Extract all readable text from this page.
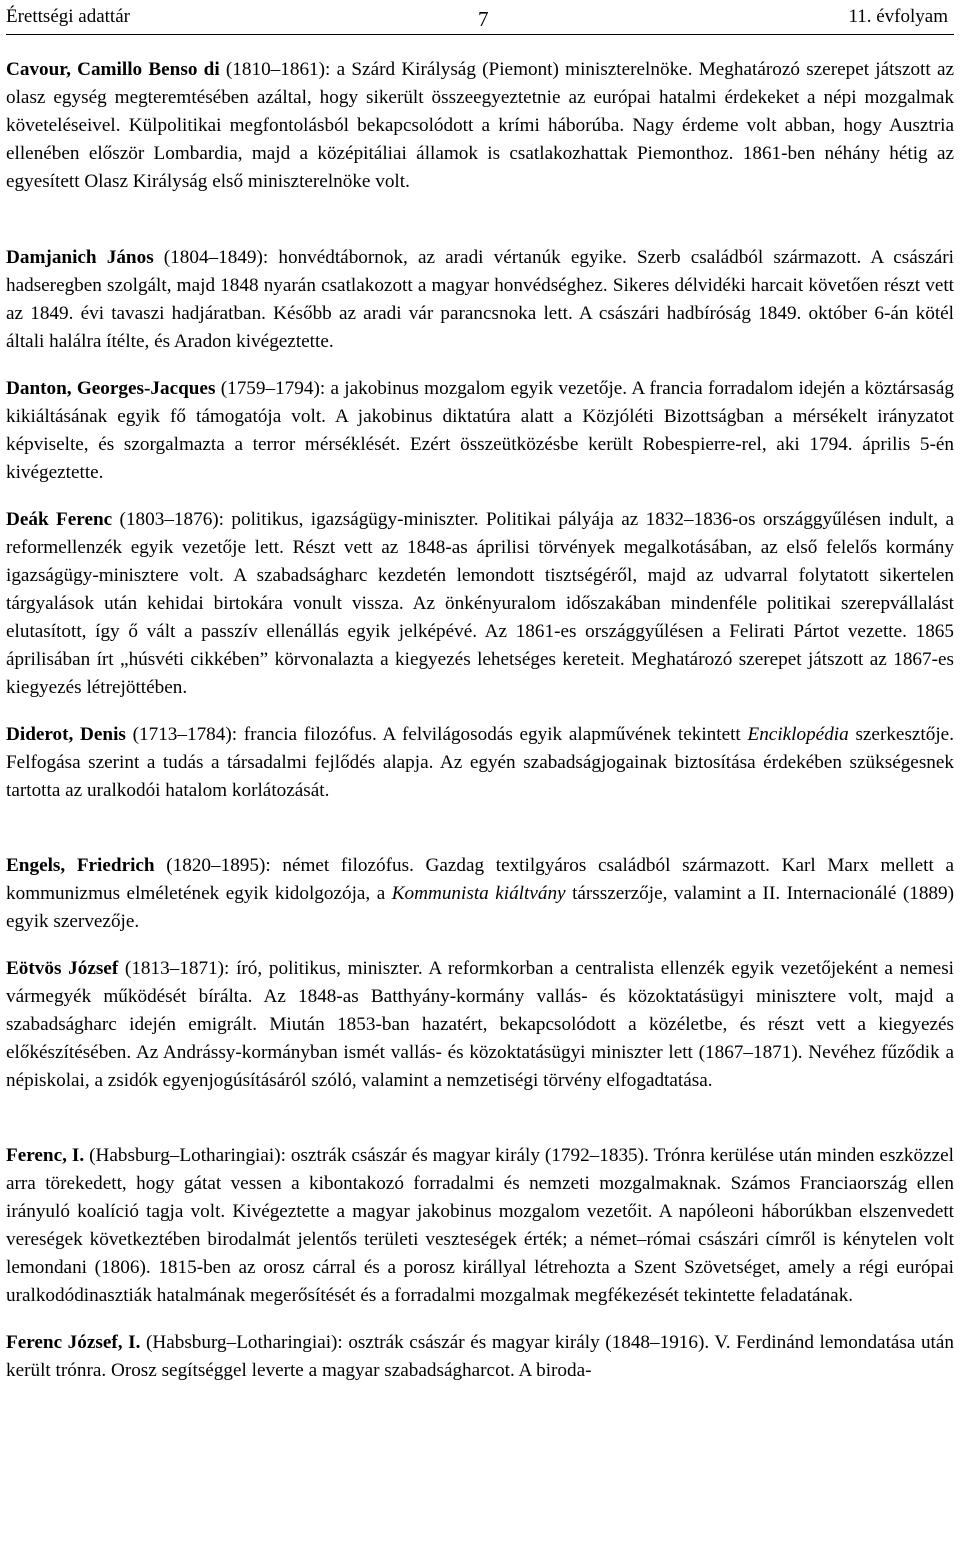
Érettségi adattár	7	11. évfolyam

Cavour, Camillo Benso di (1810–1861): a Szárd Királyság (Piemont) miniszterelnöke. Meghatározó szerepet játszott az olasz egység megteremtésében azáltal, hogy sikerült összeegyeztetnie az európai hatalmi érdekeket a népi mozgalmak követeléseivel. Külpolitikai megfontolásból bekapcsolódott a krími háborúba. Nagy érdeme volt abban, hogy Ausztria ellenében először Lombardia, majd a középitáliai államok is csatlakozhattak Piemonthoz. 1861-ben néhány hétig az egyesített Olasz Királyság első miniszterelnöke volt.

Damjanich János (1804–1849): honvédtábornok, az aradi vértanúk egyike. Szerb családból származott. A császári hadseregben szolgált, majd 1848 nyarán csatlakozott a magyar honvédséghez. Sikeres délvidéki harcait követően részt vett az 1849. évi tavaszi hadjáratban. Később az aradi vár parancsnoka lett. A császári hadbíróság 1849. október 6-án kötél általi halálra ítélte, és Aradon kivégeztette.

Danton, Georges-Jacques (1759–1794): a jakobinus mozgalom egyik vezetője. A francia forradalom idején a köztársaság kikiáltásának egyik fő támogatója volt. A jakobinus diktatúra alatt a Közjóléti Bizottságban a mérsékelt irányzatot képviselte, és szorgalmazta a terror mérséklését. Ezért összeütközésbe került Robespierre-rel, aki 1794. április 5-én kivégeztette.

Deák Ferenc (1803–1876): politikus, igazságügy-miniszter. Politikai pályája az 1832–1836-os országgyűlésen indult, a reformellenzék egyik vezetője lett. Részt vett az 1848-as áprilisi törvények megalkotásában, az első felelős kormány igazságügy-minisztere volt. A szabadságharc kezdetén lemondott tisztségéről, majd az udvarral folytatott sikertelen tárgyalások után kehidai birtokára vonult vissza. Az önkényuralom időszakában mindenféle politikai szerepvállalást elutasított, így ő vált a passzív ellenállás egyik jelképévé. Az 1861-es országgyűlésen a Felirati Pártot vezette. 1865 áprilisában írt „húsvéti cikkében” körvonalazta a kiegyezés lehetséges kereteit. Meghatározó szerepet játszott az 1867-es kiegyezés létrejöttében.

Diderot, Denis (1713–1784): francia filozófus. A felvilágosodás egyik alapművének tekintett Enciklopédia szerkesztője. Felfogása szerint a tudás a társadalmi fejlődés alapja. Az egyén szabadságjogainak biztosítása érdekében szükségesnek tartotta az uralkodói hatalom korlátozását.

Engels, Friedrich (1820–1895): német filozófus. Gazdag textilgyáros családból származott. Karl Marx mellett a kommunizmus elméletének egyik kidolgozója, a Kommunista kiáltvány társszerzője, valamint a II. Internacionálé (1889) egyik szervezője.

Eötvös József (1813–1871): író, politikus, miniszter. A reformkorban a centralista ellenzék egyik vezetőjeként a nemesi vármegyék működését bírálta. Az 1848-as Batthyány-kormány vallás- és közoktatásügyi minisztere volt, majd a szabadságharc idején emigrált. Miután 1853-ban hazatért, bekapcsolódott a közéletbe, és részt vett a kiegyezés előkészítésében. Az Andrássy-kormányban ismét vallás- és közoktatásügyi miniszter lett (1867–1871). Nevéhez fűződik a népiskolai, a zsidók egyenjogúsításáról szóló, valamint a nemzetiségi törvény elfogadtatása.

Ferenc, I. (Habsburg–Lotharingiai): osztrák császár és magyar király (1792–1835). Trónra kerülése után minden eszközzel arra törekedett, hogy gátat vessen a kibontakozó forradalmi és nemzeti mozgalmaknak. Számos Franciaország ellen irányuló koalíció tagja volt. Kivégeztette a magyar jakobinus mozgalom vezetőit. A napóleoni háborúkban elszenvedett vereségek következtében birodalmát jelentős területi veszteségek érték; a német–római császári címről is kénytelen volt lemondani (1806). 1815-ben az orosz cárral és a porosz királlyal létrehozta a Szent Szövetséget, amely a régi európai uralkodódinasztiák hatalmának megerősítését és a forradalmi mozgalmak megfékezését tekintette feladatának.

Ferenc József, I. (Habsburg–Lotharingiai): osztrák császár és magyar király (1848–1916). V. Ferdinánd lemondatása után került trónra. Orosz segítséggel leverte a magyar szabadságharcot. A biroda-
